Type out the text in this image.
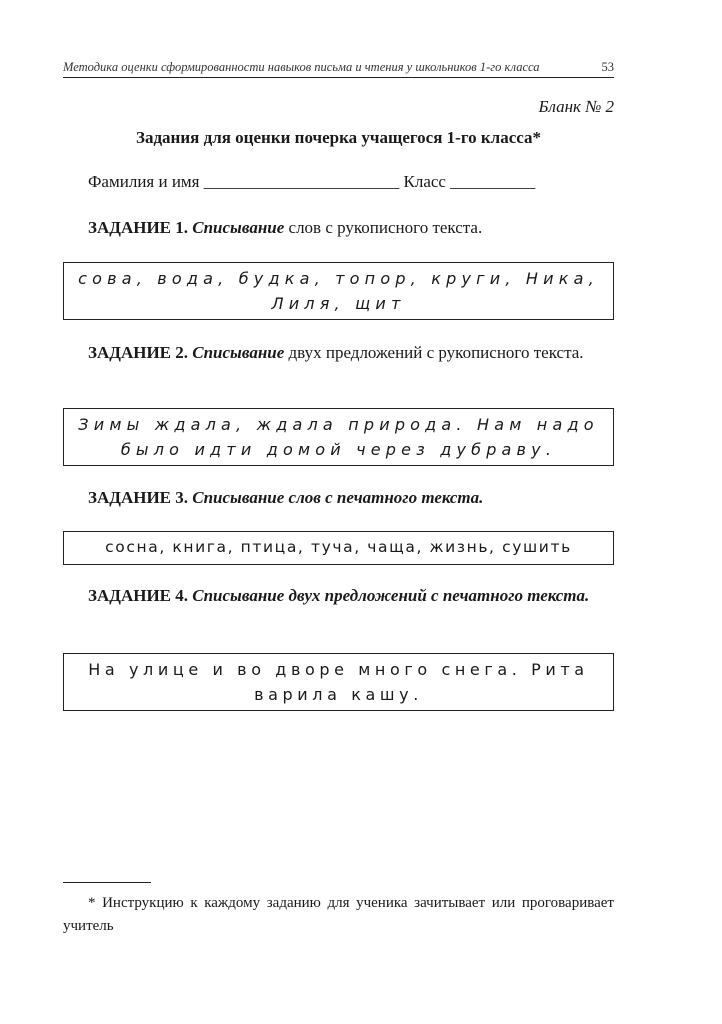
Методика оценки сформированности навыков письма и чтения у школьников 1-го класса	53
Бланк № 2
Задания для оценки почерка учащегося 1-го класса*
Фамилия и имя _______________________ Класс __________
ЗАДАНИЕ 1. Списывание слов с рукописного текста.
сова, вода, будка, топор, круги, Ника,
Лиля, щит
ЗАДАНИЕ 2. Списывание двух предложений с рукописного текста.
Зимы ждала, ждала природа. Нам надо
было идти домой через дубраву.
ЗАДАНИЕ 3. Списывание слов с печатного текста.
сосна, книга, птица, туча, чаща, жизнь, сушить
ЗАДАНИЕ 4. Списывание двух предложений с печатного текста.
На улице и во дворе много снега. Рита
варила кашу.
* Инструкцию к каждому заданию для ученика зачитывает или проговаривает учитель
